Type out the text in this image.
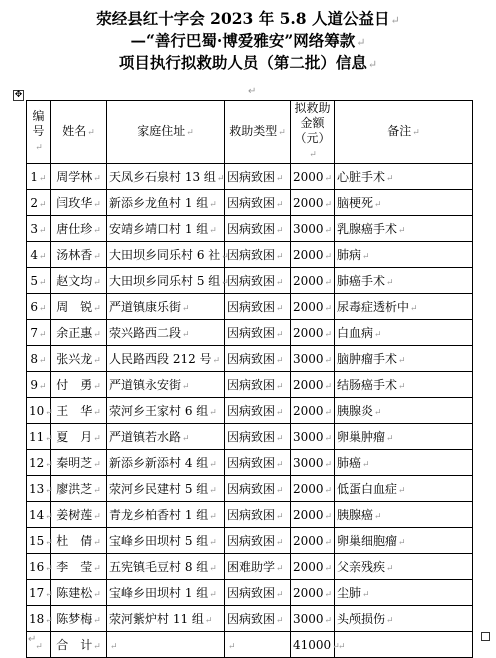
荥经县红十字会 2023 年 5.8 人道公益日↵
—“善行巴蜀·博爱雅安”网络筹款↵
项目执行拟救助人员（第二批）信息↵
↵
✥
编号↵	姓名↵	家庭住址↵	救助类型↵	拟救助金额（元）↵	备注↵
1↵	周学林↵	天凤乡石泉村 13 组↵	因病致困↵	2000↵	心脏手术↵
2↵	闫玫华↵	新添乡龙鱼村 1 组↵	因病致困↵	2000↵	脑梗死↵
3↵	唐仕珍↵	安靖乡靖口村 1 组↵	因病致困↵	3000↵	乳腺癌手术↵
4↵	汤林香↵	大田坝乡同乐村 6 社↵	因病致困↵	2000↵	肺病↵
5↵	赵文均↵	大田坝乡同乐村 5 组↵	因病致困↵	2000↵	肺癌手术↵
6↵	周　锐↵	严道镇康乐街↵	因病致困↵	2000↵	尿毒症透析中↵
7↵	余正惠↵	荥兴路西二段↵	因病致困↵	2000↵	白血病↵
8↵	张兴龙↵	人民路西段 212 号↵	因病致困↵	3000↵	脑肿瘤手术↵
9↵	付　勇↵	严道镇永安街↵	因病致困↵	2000↵	结肠癌手术↵
10↵	王　华↵	荥河乡王家村 6 组↵	因病致困↵	2000↵	胰腺炎↵
11↵	夏　月↵	严道镇若水路↵	因病致困↵	3000↵	卵巢肿瘤↵
12↵	秦明芝↵	新添乡新添村 4 组↵	因病致困↵	3000↵	肺癌↵
13↵	廖洪芝↵	荥河乡民建村 5 组↵	因病致困↵	2000↵	低蛋白血症↵
14↵	姜树莲↵	青龙乡柏香村 1 组↵	因病致困↵	2000↵	胰腺癌↵
15↵	杜　倩↵	宝峰乡田坝村 5 组↵	因病致困↵	2000↵	卵巢细胞瘤↵
16↵	李　莹↵	五宪镇毛豆村 8 组↵	困难助学↵	2000↵	父亲残疾↵
17↵	陈建松↵	宝峰乡田坝村 1 组↵	因病致困↵	2000↵	尘肺↵
18↵	陈梦梅↵	荥河紫炉村 11 组↵	因病致困↵	3000↵	头颅损伤↵
↵	合　计↵	↵	↵	41000↵	↵
↵
